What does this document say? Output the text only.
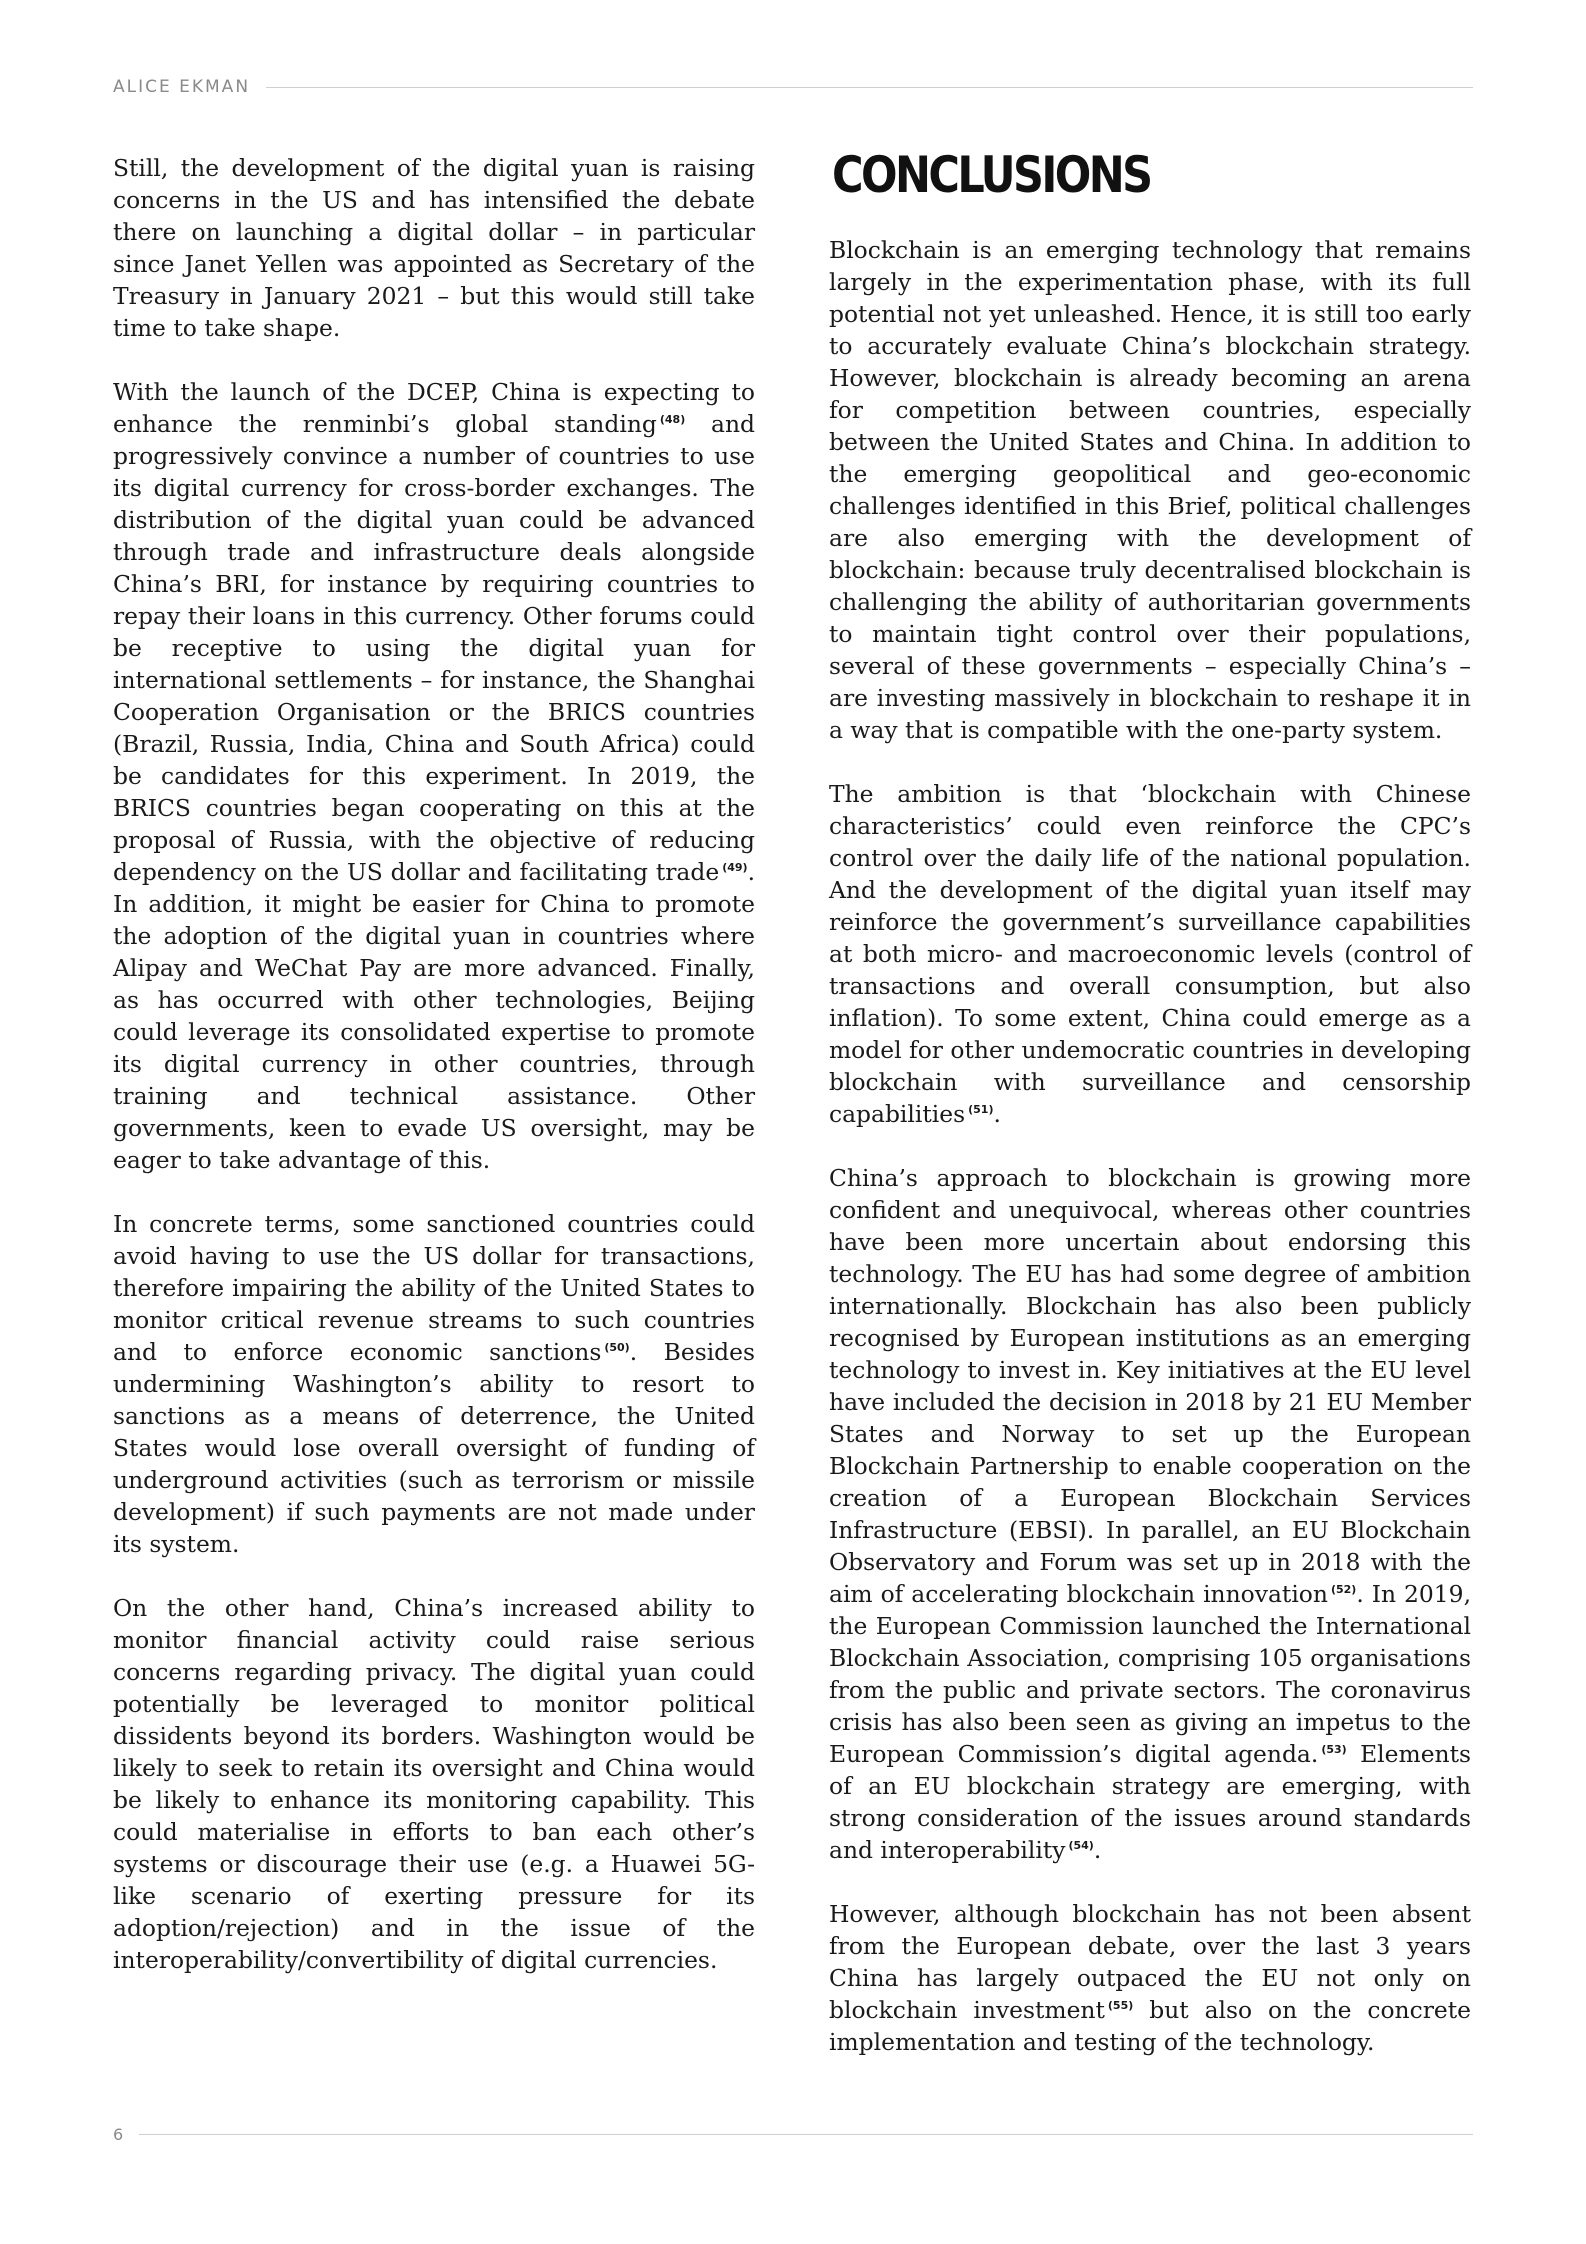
ALICE EKMAN

Still, the development of the digital yuan is raising concerns in the US and has intensified the debate there on launching a digital dollar – in particular since Janet Yellen was appointed as Secretary of the Treasury in January 2021 – but this would still take time to take shape.

With the launch of the DCEP, China is expecting to enhance the renminbi’s global standing $^{(48)}$ and progressively convince a number of countries to use its digital currency for cross-border exchanges. The distribution of the digital yuan could be advanced through trade and infrastructure deals alongside China’s BRI, for instance by requiring countries to repay their loans in this currency. Other forums could be receptive to using the digital yuan for international settlements – for instance, the Shanghai Cooperation Organisation or the BRICS countries (Brazil, Russia, India, China and South Africa) could be candidates for this experiment. In 2019, the BRICS countries began cooperating on this at the proposal of Russia, with the objective of reducing dependency on the US dollar and facilitating trade $^{(49)}$. In addition, it might be easier for China to promote the adoption of the digital yuan in countries where Alipay and WeChat Pay are more advanced. Finally, as has occurred with other technologies, Beijing could leverage its consolidated expertise to promote its digital currency in other countries, through training and technical assistance. Other governments, keen to evade US oversight, may be eager to take advantage of this.

In concrete terms, some sanctioned countries could avoid having to use the US dollar for transactions, therefore impairing the ability of the United States to monitor critical revenue streams to such countries and to enforce economic sanctions $^{(50)}$. Besides undermining Washington’s ability to resort to sanctions as a means of deterrence, the United States would lose overall oversight of funding of underground activities (such as terrorism or missile development) if such payments are not made under its system.

On the other hand, China’s increased ability to monitor financial activity could raise serious concerns regarding privacy. The digital yuan could potentially be leveraged to monitor political dissidents beyond its borders. Washington would be likely to seek to retain its oversight and China would be likely to enhance its monitoring capability. This could materialise in efforts to ban each other’s systems or discourage their use (e.g. a Huawei 5G-like scenario of exerting pressure for its adoption/rejection) and in the issue of the interoperability/convertibility of digital currencies.

CONCLUSIONS

Blockchain is an emerging technology that remains largely in the experimentation phase, with its full potential not yet unleashed. Hence, it is still too early to accurately evaluate China’s blockchain strategy. However, blockchain is already becoming an arena for competition between countries, especially between the United States and China. In addition to the emerging geopolitical and geo-economic challenges identified in this Brief, political challenges are also emerging with the development of blockchain: because truly decentralised blockchain is challenging the ability of authoritarian governments to maintain tight control over their populations, several of these governments – especially China’s – are investing massively in blockchain to reshape it in a way that is compatible with the one-party system.

The ambition is that ‘blockchain with Chinese characteristics’ could even reinforce the CPC’s control over the daily life of the national population. And the development of the digital yuan itself may reinforce the government’s surveillance capabilities at both micro- and macroeconomic levels (control of transactions and overall consumption, but also inflation). To some extent, China could emerge as a model for other undemocratic countries in developing blockchain with surveillance and censorship capabilities $^{(51)}$.

China’s approach to blockchain is growing more confident and unequivocal, whereas other countries have been more uncertain about endorsing this technology. The EU has had some degree of ambition internationally. Blockchain has also been publicly recognised by European institutions as an emerging technology to invest in. Key initiatives at the EU level have included the decision in 2018 by 21 EU Member States and Norway to set up the European Blockchain Partnership to enable cooperation on the creation of a European Blockchain Services Infrastructure (EBSI). In parallel, an EU Blockchain Observatory and Forum was set up in 2018 with the aim of accelerating blockchain innovation $^{(52)}$. In 2019, the European Commission launched the International Blockchain Association, comprising 105 organisations from the public and private sectors. The coronavirus crisis has also been seen as giving an impetus to the European Commission’s digital agenda. $^{(53)}$ Elements of an EU blockchain strategy are emerging, with strong consideration of the issues around standards and interoperability $^{(54)}$.

However, although blockchain has not been absent from the European debate, over the last 3 years China has largely outpaced the EU not only on blockchain investment $^{(55)}$ but also on the concrete implementation and testing of the technology.

6
